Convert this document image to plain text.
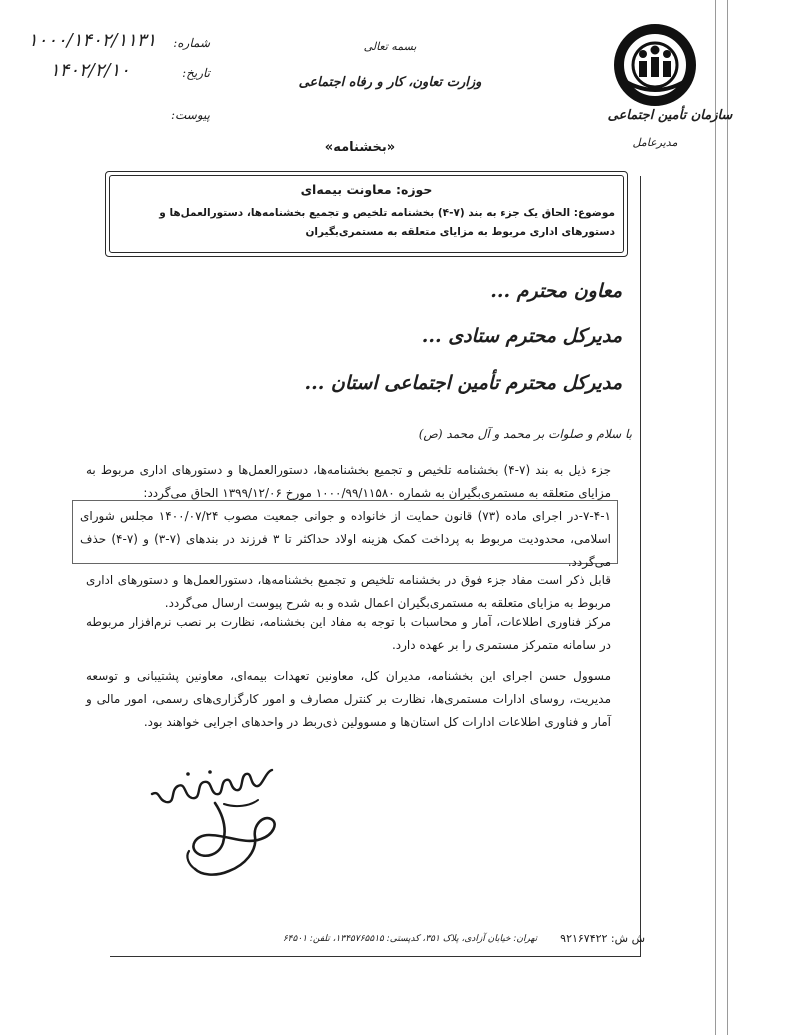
شماره:
۱۰۰۰/۱۴۰۲/۱۱۳۱
تاریخ:
۱۴۰۲/۲/۱۰
پیوست:
بسمه تعالی
وزارت تعاون، کار و رفاه اجتماعی
سازمان تأمین اجتماعی
مدیرعامل
«بخشنامه»
حوزه: معاونت بیمه‌ای
موضوع: الحاق یک جزء به بند (۷-۴) بخشنامه تلخیص و تجمیع بخشنامه‌ها، دستورالعمل‌ها و دستورهای اداری مربوط به مزایای متعلقه به مستمری‌بگیران
معاون محترم ...
مدیرکل محترم ستادی ...
مدیرکل محترم تأمین اجتماعی استان ...
با سلام و صلوات بر محمد و آل محمد (ص)
جزء ذیل به بند (۷-۴) بخشنامه تلخیص و تجمیع بخشنامه‌ها، دستورالعمل‌ها و دستورهای اداری مربوط به مزایای متعلقه به مستمری‌بگیران به شماره ۱۰۰۰/۹۹/۱۱۵۸۰ مورخ ۱۳۹۹/۱۲/۰۶ الحاق می‌گردد:
۷-۴-۱-در اجرای ماده (۷۳) قانون حمایت از خانواده و جوانی جمعیت مصوب ۱۴۰۰/۰۷/۲۴ مجلس شورای اسلامی، محدودیت مربوط به پرداخت کمک هزینه اولاد حداکثر تا ۳ فرزند در بندهای (۷-۳) و (۷-۴) حذف می‌گردد.
قابل ذکر است مفاد جزء فوق در بخشنامه تلخیص و تجمیع بخشنامه‌ها، دستورالعمل‌ها و دستورهای اداری مربوط به مزایای متعلقه به مستمری‌بگیران اعمال شده و به شرح پیوست ارسال می‌گردد.
مرکز فناوری اطلاعات، آمار و محاسبات با توجه به مفاد این بخشنامه، نظارت بر نصب نرم‌افزار مربوطه در سامانه متمرکز مستمری را بر عهده دارد.
مسوول حسن اجرای این بخشنامه، مدیران کل، معاونین تعهدات بیمه‌ای، معاونین پشتیبانی و توسعه مدیریت، روسای ادارات مستمری‌ها، نظارت بر کنترل مصارف و امور کارگزاری‌های رسمی، امور مالی و آمار و فناوری اطلاعات ادارات کل استان‌ها و مسوولین ذی‌ربط در واحدهای اجرایی خواهند بود.
تهران: خیابان آزادی، پلاک ۳۵۱، کدپستی: ۱۳۴۵۷۶۵۵۱۵، تلفن: ۶۴۵۰۱	ش ش: ۹۲۱۶۷۴۲۲
